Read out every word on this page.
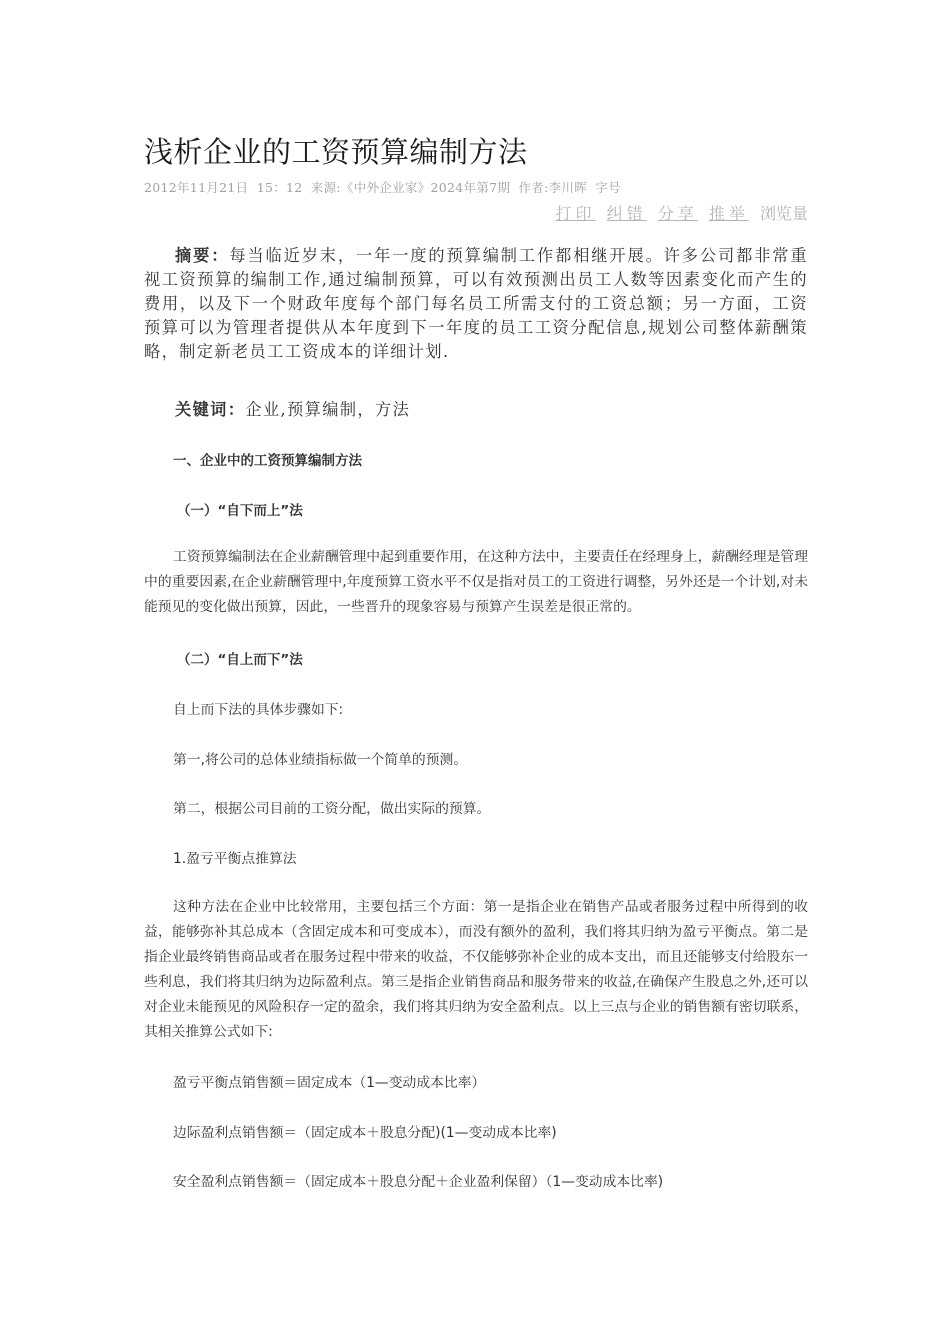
浅析企业的工资预算编制方法
2012年11月21日 15：12 来源:《中外企业家》2024年第7期 作者:李川晖 字号
打印 纠错 分享 推举 浏览量

摘要：每当临近岁末，一年一度的预算编制工作都相继开展。许多公司都非常重视工资预算的编制工作,通过编制预算，可以有效预测出员工人数等因素变化而产生的费用，以及下一个财政年度每个部门每名员工所需支付的工资总额；另一方面，工资预算可以为管理者提供从本年度到下一年度的员工工资分配信息,规划公司整体薪酬策略，制定新老员工工资成本的详细计划.

关键词：企业,预算编制，方法

一、企业中的工资预算编制方法
（一）“自下而上”法

工资预算编制法在企业薪酬管理中起到重要作用，在这种方法中，主要责任在经理身上，薪酬经理是管理中的重要因素,在企业薪酬管理中,年度预算工资水平不仅是指对员工的工资进行调整，另外还是一个计划,对未能预见的变化做出预算，因此，一些晋升的现象容易与预算产生误差是很正常的。

（二）“自上而下”法

自上而下法的具体步骤如下:

第一,将公司的总体业绩指标做一个简单的预测。

第二，根据公司目前的工资分配，做出实际的预算。

1.盈亏平衡点推算法

这种方法在企业中比较常用，主要包括三个方面：第一是指企业在销售产品或者服务过程中所得到的收益，能够弥补其总成本（含固定成本和可变成本），而没有额外的盈利，我们将其归纳为盈亏平衡点。第二是指企业最终销售商品或者在服务过程中带来的收益，不仅能够弥补企业的成本支出，而且还能够支付给股东一些利息，我们将其归纳为边际盈利点。第三是指企业销售商品和服务带来的收益,在确保产生股息之外,还可以对企业未能预见的风险积存一定的盈余，我们将其归纳为安全盈利点。以上三点与企业的销售额有密切联系，其相关推算公式如下:

盈亏平衡点销售额＝固定成本（1—变动成本比率）

边际盈利点销售额＝（固定成本＋股息分配)(1—变动成本比率)

安全盈利点销售额＝（固定成本＋股息分配＋企业盈利保留）（1—变动成本比率)
